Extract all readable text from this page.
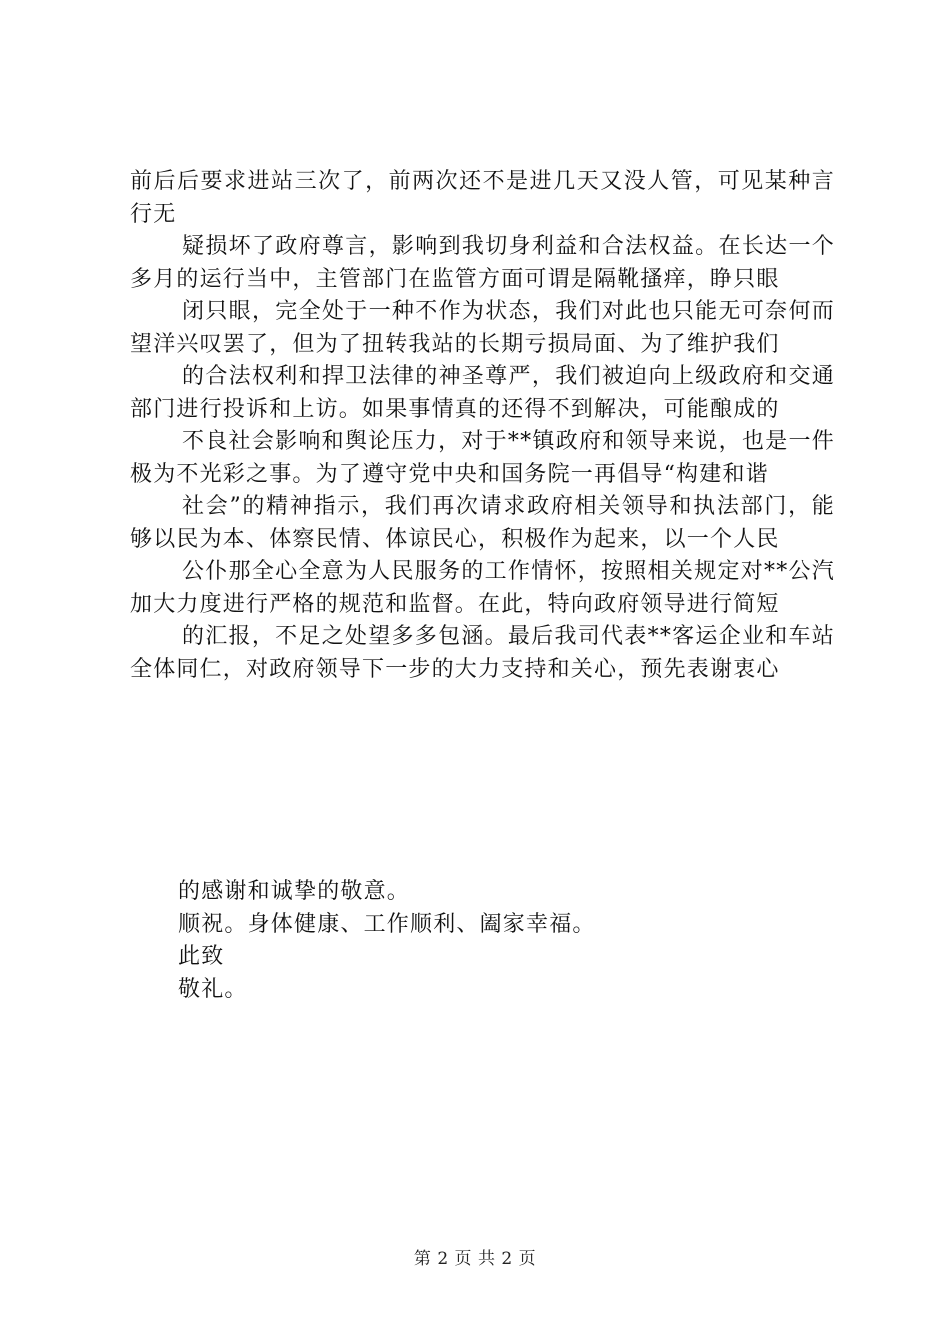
前后后要求进站三次了，前两次还不是进几天又没人管，可见某种言行无

疑损坏了政府尊言，影响到我切身利益和合法权益。在长达一个多月的运行当中，主管部门在监管方面可谓是隔靴搔痒，睁只眼

闭只眼，完全处于一种不作为状态，我们对此也只能无可奈何而望洋兴叹罢了，但为了扭转我站的长期亏损局面、为了维护我们

的合法权利和捍卫法律的神圣尊严，我们被迫向上级政府和交通部门进行投诉和上访。如果事情真的还得不到解决，可能酿成的

不良社会影响和舆论压力，对于**镇政府和领导来说，也是一件极为不光彩之事。为了遵守党中央和国务院一再倡导“构建和谐

社会”的精神指示，我们再次请求政府相关领导和执法部门，能够以民为本、体察民情、体谅民心，积极作为起来，以一个人民

公仆那全心全意为人民服务的工作情怀，按照相关规定对**公汽加大力度进行严格的规范和监督。在此，特向政府领导进行简短

的汇报，不足之处望多多包涵。最后我司代表**客运企业和车站全体同仁，对政府领导下一步的大力支持和关心，预先表谢衷心

的感谢和诚挚的敬意。

顺祝。身体健康、工作顺利、阖家幸福。

此致

敬礼。

第 2 页 共 2 页
